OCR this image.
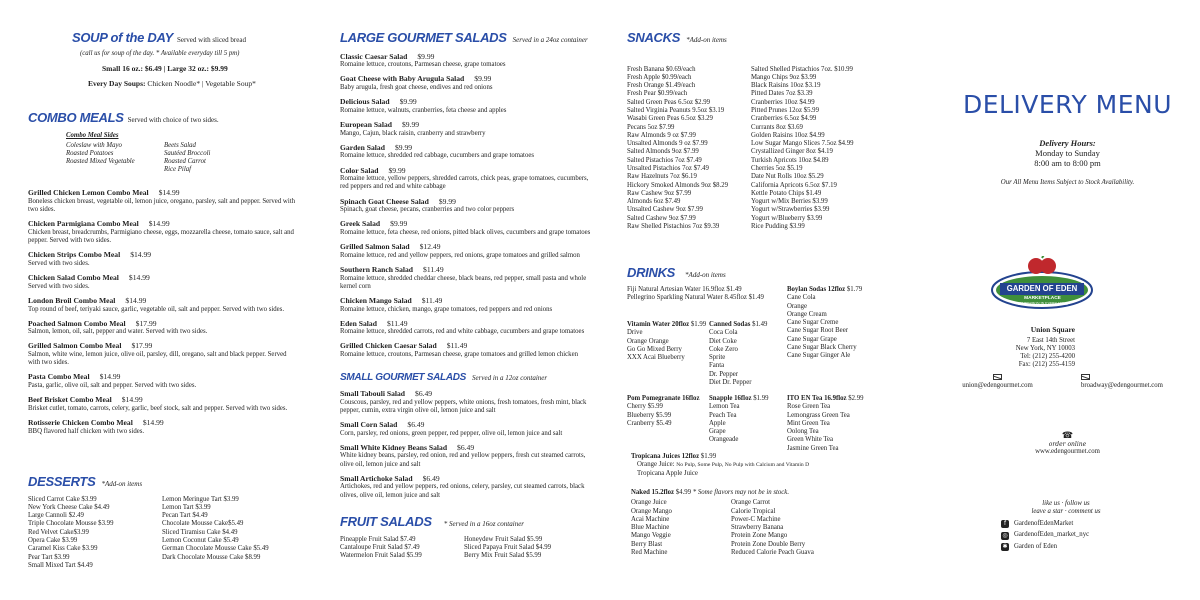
SOUP of the DAY Served with sliced bread
(call us for soup of the day. * Available everyday till 5 pm)
Small 16 oz.: $6.49 | Large 32 oz.: $9.99
Every Day Soups: Chicken Noodle* | Vegetable Soup*
COMBO MEALS Served with choice of two sides.
Combo Meal Sides
Coleslaw with Mayo
Roasted Potatoes
Roasted Mixed Vegetable
Beets Salad
Sautéed Broccoli
Roasted Carrot
Rice Pilaf
Grilled Chicken Lemon Combo Meal $14.99
Boneless chicken breast, vegetable oil, lemon juice, oregano, parsley, salt and pepper. Served with two sides.
Chicken Parmigiana Combo Meal $14.99
Chicken breast, breadcrumbs, Parmigiano cheese, eggs, mozzarella cheese, tomato sauce, salt and pepper. Served with two sides.
Chicken Strips Combo Meal $14.99
Served with two sides.
Chicken Salad Combo Meal $14.99
Served with two sides.
London Broil Combo Meal $14.99
Top round of beef, teriyaki sauce, garlic, vegetable oil, salt and pepper. Served with two sides.
Poached Salmon Combo Meal $17.99
Salmon, lemon, oil, salt, pepper and water. Served with two sides.
Grilled Salmon Combo Meal $17.99
Salmon, white wine, lemon juice, olive oil, parsley, dill, oregano, salt and black pepper. Served with two sides.
Pasta Combo Meal $14.99
Pasta, garlic, olive oil, salt and pepper. Served with two sides.
Beef Brisket Combo Meal $14.99
Brisket cutlet, tomato, carrots, celery, garlic, beef stock, salt and pepper. Served with two sides.
Rotisserie Chicken Combo Meal $14.99
BBQ flavored half chicken with two sides.
DESSERTS *Add-on items
Sliced Carrot Cake $3.99
New York Cheese Cake $4.49
Large Cannoli $2.49
Triple Chocolate Mousse $3.99
Red Velvet Cake$3.99
Opera Cake $3.99
Caramel Kiss Cake $3.99
Pear Tart $3.99
Small Mixed Tart $4.49
Lemon Meringue Tart $3.99
Lemon Tart $3.99
Pecan Tart $4.49
Chocolate Mousse Cake$5.49
Sliced Tiramisu Cake $4.49
Lemon Coconut Cake $5.49
German Chocolate Mousse Cake $5.49
Dark Chocolate Mousse Cake $8.99
LARGE GOURMET SALADS Served in a 24oz container
Classic Caesar Salad $9.99
Romaine lettuce, croutons, Parmesan cheese, grape tomatoes
Goat Cheese with Baby Arugula Salad $9.99
Baby arugula, fresh goat cheese, endives and red onions
Delicious Salad $9.99
Romaine lettuce, walnuts, cranberries, feta cheese and apples
European Salad $9.99
Mango, Cajun, black raisin, cranberry and strawberry
Garden Salad $9.99
Romaine lettuce, shredded red cabbage, cucumbers and grape tomatoes
Color Salad $9.99
Romaine lettuce, yellow peppers, shredded carrots, chick peas, grape tomatoes, cucumbers, red peppers and red and white cabbage
Spinach Goat Cheese Salad $9.99
Spinach, goat cheese, pecans, cranberries and two color peppers
Greek Salad $9.99
Romaine lettuce, feta cheese, red onions, pitted black olives, cucumbers and grape tomatoes
Grilled Salmon Salad $12.49
Romaine lettuce, red and yellow peppers, red onions, grape tomatoes and grilled salmon
Southern Ranch Salad $11.49
Romaine lettuce, shredded cheddar cheese, black beans, red pepper, small pasta and whole kernel corn
Chicken Mango Salad $11.49
Romaine lettuce, chicken, mango, grape tomatoes, red peppers and red onions
Eden Salad $11.49
Romaine lettuce, shredded carrots, red and white cabbage, cucumbers and grape tomatoes
Grilled Chicken Caesar Salad $11.49
Romaine lettuce, croutons, Parmesan cheese, grape tomatoes and grilled lemon chicken
SMALL GOURMET SALADS Served in a 12oz container
Small Tabouli Salad $6.49
Couscous, parsley, red and yellow peppers, white onions, fresh tomatoes, fresh mint, black pepper, cumin, extra virgin olive oil, lemon juice and salt
Small Corn Salad $6.49
Corn, parsley, red onions, green pepper, red pepper, olive oil, lemon juice and salt
Small White Kidney Beans Salad $6.49
White kidney beans, parsley, red onion, red and yellow peppers, fresh cut steamed carrots, olive oil, lemon juice and salt
Small Artichoke Salad $6.49
Artichokes, red and yellow peppers, red onions, celery, parsley, cut steamed carrots, black olives, olive oil, lemon juice and salt
FRUIT SALADS * Served in a 16oz container
Pineapple Fruit Salad $7.49
Cantaloupe Fruit Salad $7.49
Watermelon Fruit Salad $5.99
Honeydew Fruit Salad $5.99
Sliced Papaya Fruit Salad $4.99
Berry Mix Fruit Salad $5.99
SNACKS *Add-on items
Fresh Banana $0.69/each
Fresh Apple $0.99/each
Fresh Orange $1.49/each
Fresh Pear $0.99/each
Salted Green Peas 6.5oz $2.99
Salted Virginia Peanuts 9.5oz $3.19
Wasabi Green Peas 6.5oz $3.29
Pecans 5oz $7.99
Raw Almonds 9 oz $7.99
Unsalted Almonds 9 oz $7.99
Salted Almonds 9oz $7.99
Salted Pistachios 7oz $7.49
Unsalted Pistachios 7oz $7.49
Raw Hazelnuts 7oz $6.19
Hickory Smoked Almonds 9oz $8.29
Raw Cashew 9oz $7.99
Almonds 6oz $7.49
Unsalted Cashew 9oz $7.99
Salted Cashew 9oz $7.99
Raw Shelled Pistachios 7oz $9.39
Salted Shelled Pistachios 7oz. $10.99
Mango Chips 9oz $3.99
Black Raisins 10oz $3.19
Pitted Dates 7oz $3.39
Cranberries 10oz $4.99
Pitted Prunes 12oz $5.99
Cranberries 6.5oz $4.99
Currants 8oz $3.69
Golden Raisins 10oz $4.99
Low Sugar Mango Slices 7.5oz $4.99
Crystallized Ginger 8oz $4.19
Turkish Apricots 10oz $4.89
Cherries 5oz $5.19
Date Nut Rolls 10oz $5.29
California Apricots 6.5oz $7.19
Kettle Potato Chips $1.49
Yogurt w/Mix Berries $3.99
Yogurt w/Strawberries $3.99
Yogurt w/Blueberry $3.99
Rice Pudding $3.99
DRINKS *Add-on items
Fiji Natural Artesian Water 16.9floz $1.49
Pellegrino Sparkling Natural Water 8.45floz $1.49
Boylan Sodas 12floz $1.79
Cane Cola
Orange
Orange Cream
Cane Sugar Creme
Cane Sugar Root Beer
Cane Sugar Grape
Cane Sugar Black Cherry
Cane Sugar Ginger Ale
Vitamin Water 20floz $1.99
Drive
Orange Orange
Go Go Mixed Berry
XXX Acai Blueberry
Canned Sodas $1.49
Coca Cola
Diet Coke
Coke Zero
Sprite
Fanta
Dr. Pepper
Diet Dr. Pepper
Pom Pomegranate 16floz
Cherry $5.99
Blueberry $5.99
Cranberry $5.49
Snapple 16floz $1.99
Lemon Tea
Peach Tea
Apple
Grape
Orangeade
ITO EN Tea 16.9floz $2.99
Rose Green Tea
Lemongrass Green Tea
Mint Green Tea
Oolong Tea
Green White Tea
Jasmine Green Tea
Tropicana Juices 12floz $1.99
Orange Juice: No Pulp, Some Pulp, No Pulp with Calcium and Vitamin D
Tropicana Apple Juice
Naked 15.2floz $4.99 * Some flavors may not be in stock.
Orange Juice
Orange Mango
Acai Machine
Blue Machine
Mango Veggie
Berry Blast
Red Machine
Orange Carrot
Calorie Tropical
Power-C Machine
Strawberry Banana
Protein Zone Mango
Protein Zone Double Berry
Reduced Calorie Peach Guava
DELIVERY MENU
Delivery Hours:
Monday to Sunday
8:00 am to 8:00 pm
Our All Menu Items Subject to Stock Availability.
GARDEN OF EDEN
MARKETPLACE
"TEMPTATION IN EVERY AISLE"
Union Square
7 East 14th Street
New York, NY 10003
Tel: (212) 255-4200
Fax: (212) 255-4159
union@edengourmet.com	broadway@edengourmet.com
☎
order online
www.edengourmet.com
like us · follow us
leave a star · comment us
f	GardenofEdenMarket
◎ GardenofEden_market_nyc
✱ Garden of Eden
